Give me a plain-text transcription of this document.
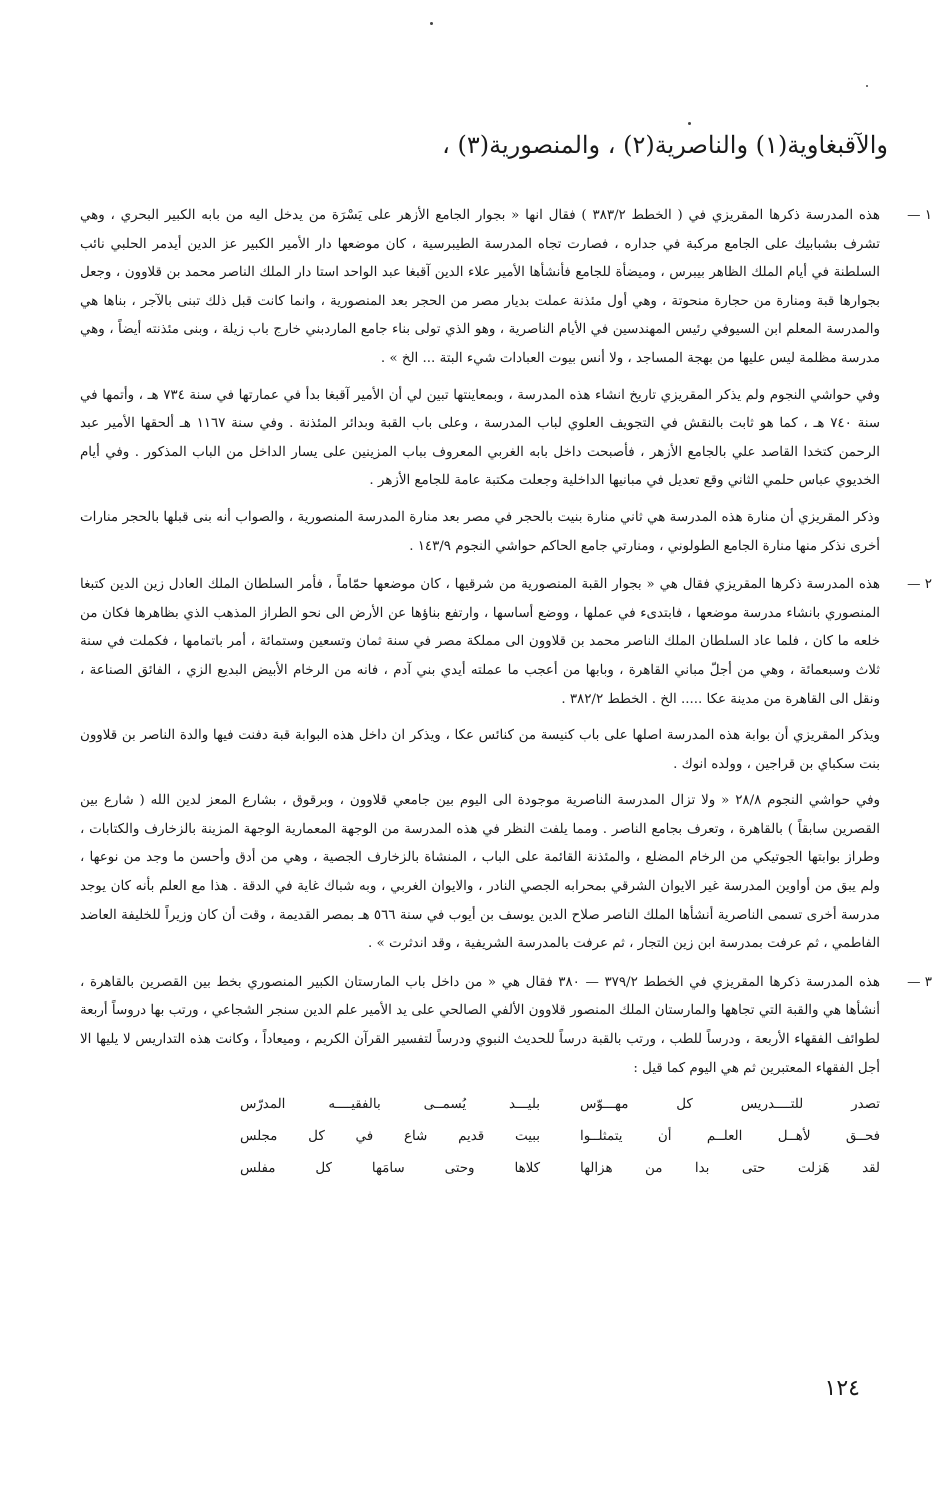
والآقبغاوية(١) والناصرية(٢) ، والمنصورية(٣) ،
١ —

هذه المدرسة ذكرها المقريزي في ( الخطط ٣٨٣/٢ ) فقال انها « بجوار الجامع الأزهر على يَسْرَة من يدخل اليه من بابه الكبير البحري ، وهي تشرف بشبابيك على الجامع مركبة في جداره ، فصارت تجاه المدرسة الطيبرسية ، كان موضعها دار الأمير الكبير عز الدين أيدمر الحلبي نائب السلطنة في أيام الملك الظاهر بيبرس ، وميضأة للجامع فأنشأها الأمير علاء الدين آقبغا عبد الواحد استا دار الملك الناصر محمد بن قلاوون ، وجعل بجوارها قبة ومنارة من حجارة منحوتة ، وهي أول مئذنة عملت بديار مصر من الحجر بعد المنصورية ، وانما كانت قبل ذلك تبنى بالآجر ، بناها هي والمدرسة المعلم ابن السيوفي رئيس المهندسين في الأيام الناصرية ، وهو الذي تولى بناء جامع الماردبني خارج باب زيلة ، وبنى مئذنته أيضاً ، وهي مدرسة مظلمة ليس عليها من بهجة المساجد ، ولا أنس بيوت العبادات شيء البتة ... الخ » .

وفي حواشي النجوم ولم يذكر المقريزي تاريخ انشاء هذه المدرسة ، وبمعاينتها تبين لي أن الأمير آقبغا بدأ في عمارتها في سنة ٧٣٤ هـ ، وأتمها في سنة ٧٤٠ هـ ، كما هو ثابت بالنقش في التجويف العلوي لباب المدرسة ، وعلى باب القبة وبدائر المئذنة . وفي سنة ١١٦٧ هـ ألحقها الأمير عبد الرحمن كتخدا القاصد علي بالجامع الأزهر ، فأصبحت داخل بابه الغربي المعروف بباب المزينين على يسار الداخل من الباب المذكور . وفي أيام الخديوي عباس حلمي الثاني وقع تعديل في مبانيها الداخلية وجعلت مكتبة عامة للجامع الأزهر .

وذكر المقريزي أن منارة هذه المدرسة هي ثاني منارة بنيت بالحجر في مصر بعد منارة المدرسة المنصورية ، والصواب أنه بنى قبلها بالحجر منارات أخرى نذكر منها منارة الجامع الطولوني ، ومنارتي جامع الحاكم حواشي النجوم ١٤٣/٩ .

٢ —

هذه المدرسة ذكرها المقريزي فقال هي « بجوار القبة المنصورية من شرقيها ، كان موضعها حمّاماً ، فأمر السلطان الملك العادل زين الدين كتبغا المنصوري بانشاء مدرسة موضعها ، فابتدىء في عملها ، ووضع أساسها ، وارتفع بناؤها عن الأرض الى نحو الطراز المذهب الذي بظاهرها فكان من خلعه ما كان ، فلما عاد السلطان الملك الناصر محمد بن قلاوون الى مملكة مصر في سنة ثمان وتسعين وستمائة ، أمر باتمامها ، فكملت في سنة ثلاث وسبعمائة ، وهي من أجلّ مباني القاهرة ، وبابها من أعجب ما عملته أيدي بني آدم ، فانه من الرخام الأبيض البديع الزي ، الفائق الصناعة ، ونقل الى القاهرة من مدينة عكا ..... الخ . الخطط ٣٨٢/٢ .

ويذكر المقريزي أن بوابة هذه المدرسة اصلها على باب كنيسة من كنائس عكا ، ويذكر ان داخل هذه البوابة قبة دفنت فيها والدة الناصر بن قلاوون بنت سكباي بن قراجين ، وولده انوك .

وفي حواشي النجوم ٢٨/٨ « ولا تزال المدرسة الناصرية موجودة الى اليوم بين جامعي قلاوون ، وبرقوق ، بشارع المعز لدين الله ( شارع بين القصرين سابقاً ) بالقاهرة ، وتعرف بجامع الناصر . ومما يلفت النظر في هذه المدرسة من الوجهة المعمارية الوجهة المزينة بالزخارف والكتابات ، وطراز بوابتها الجوتيكي من الرخام المضلع ، والمئذنة القائمة على الباب ، المنشاة بالزخارف الجصية ، وهي من أدق وأحسن ما وجد من نوعها ، ولم يبق من أواوين المدرسة غير الايوان الشرقي بمحرابه الجصي النادر ، والايوان الغربي ، وبه شباك غاية في الدقة . هذا مع العلم بأنه كان يوجد مدرسة أخرى تسمى الناصرية أنشأها الملك الناصر صلاح الدين يوسف بن أيوب في سنة ٥٦٦ هـ بمصر القديمة ، وقت أن كان وزيراً للخليفة العاضد الفاطمي ، ثم عرفت بمدرسة ابن زين التجار ، ثم عرفت بالمدرسة الشريفية ، وقد اندثرت » .

٣ —

هذه المدرسة ذكرها المقريزي في الخطط ٣٧٩/٢ — ٣٨٠ فقال هي « من داخل باب المارستان الكبير المنصوري بخط بين القصرين بالقاهرة ، أنشأها هي والقبة التي تجاهها والمارستان الملك المنصور قلاوون الألفي الصالحي على يد الأمير علم الدين سنجر الشجاعي ، ورتب بها دروساً أربعة لطوائف الفقهاء الأربعة ، ودرساً للطب ، ورتب بالقبة درساً للحديث النبوي ودرساً لتفسير القرآن الكريم ، وميعاداً ، وكانت هذه التداريس لا يليها الا أجل الفقهاء المعتبرين ثم هي اليوم كما قيل :

تصدر للتــــدريس كل مهـــوّس
بليـــد يُسمــى بالفقيــــه المدرّس
فحــق لأهــل العلــم أن يتمثلــوا
ببيت قديم شاع في كل مجلس
لقد هَزلت حتى بدا من هزالها
كلاها وحتى سامَها كل مفلس
١٢٤
